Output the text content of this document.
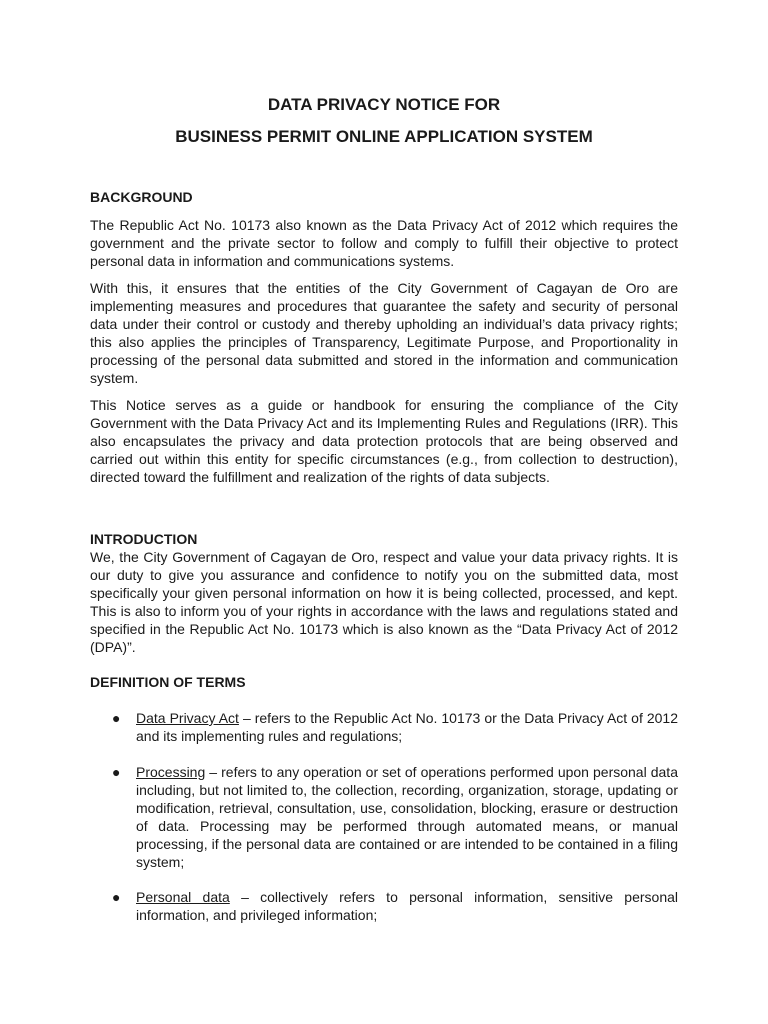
DATA PRIVACY NOTICE FOR
BUSINESS PERMIT ONLINE APPLICATION SYSTEM
BACKGROUND

The Republic Act No. 10173 also known as the Data Privacy Act of 2012 which requires the government and the private sector to follow and comply to fulfill their objective to protect personal data in information and communications systems.

With this, it ensures that the entities of the City Government of Cagayan de Oro are implementing measures and procedures that guarantee the safety and security of personal data under their control or custody and thereby upholding an individual’s data privacy rights; this also applies the principles of Transparency, Legitimate Purpose, and Proportionality in processing of the personal data submitted and stored in the information and communication system.

This Notice serves as a guide or handbook for ensuring the compliance of the City Government with the Data Privacy Act and its Implementing Rules and Regulations (IRR). This also encapsulates the privacy and data protection protocols that are being observed and carried out within this entity for specific circumstances (e.g., from collection to destruction), directed toward the fulfillment and realization of the rights of data subjects.

INTRODUCTION

We, the City Government of Cagayan de Oro, respect and value your data privacy rights. It is our duty to give you assurance and confidence to notify you on the submitted data, most specifically your given personal information on how it is being collected, processed, and kept. This is also to inform you of your rights in accordance with the laws and regulations stated and specified in the Republic Act No. 10173 which is also known as the “Data Privacy Act of 2012 (DPA)”.

DEFINITION OF TERMS
● Data Privacy Act – refers to the Republic Act No. 10173 or the Data Privacy Act of 2012 and its implementing rules and regulations;
● Processing – refers to any operation or set of operations performed upon personal data including, but not limited to, the collection, recording, organization, storage, updating or modification, retrieval, consultation, use, consolidation, blocking, erasure or destruction of data. Processing may be performed through automated means, or manual processing, if the personal data are contained or are intended to be contained in a filing system;
● Personal data – collectively refers to personal information, sensitive personal information, and privileged information;
